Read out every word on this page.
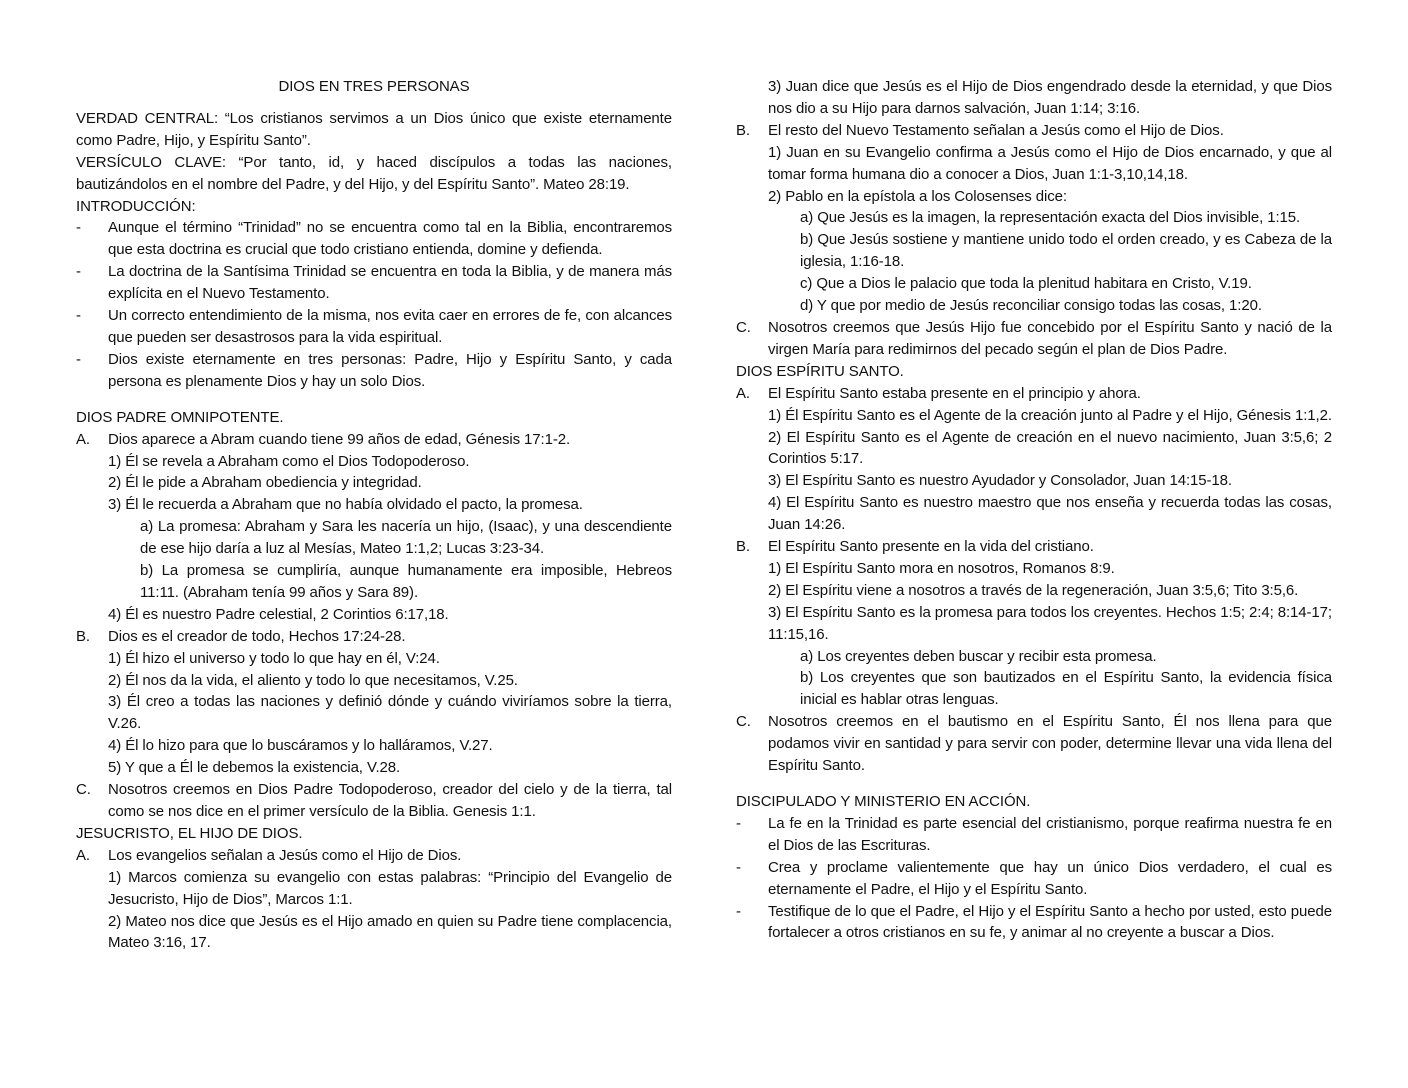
DIOS EN TRES PERSONAS

VERDAD CENTRAL: “Los cristianos servimos a un Dios único que existe eternamente como Padre, Hijo, y Espíritu Santo”.

VERSÍCULO CLAVE: “Por tanto, id, y haced discípulos a todas las naciones, bautizándolos en el nombre del Padre, y del Hijo, y del Espíritu Santo”. Mateo 28:19.

INTRODUCCIÓN:

- Aunque el término “Trinidad” no se encuentra como tal en la Biblia, encontraremos que esta doctrina es crucial que todo cristiano entienda, domine y defienda.

- La doctrina de la Santísima Trinidad se encuentra en toda la Biblia, y de manera más explícita en el Nuevo Testamento.

- Un correcto entendimiento de la misma, nos evita caer en errores de fe, con alcances que pueden ser desastrosos para la vida espiritual.

- Dios existe eternamente en tres personas: Padre, Hijo y Espíritu Santo, y cada persona es plenamente Dios y hay un solo Dios.

DIOS PADRE OMNIPOTENTE.

A. Dios aparece a Abram cuando tiene 99 años de edad, Génesis 17:1-2.

1) Él se revela a Abraham como el Dios Todopoderoso.

2) Él le pide a Abraham obediencia y integridad.

3) Él le recuerda a Abraham que no había olvidado el pacto, la promesa.

a) La promesa: Abraham y Sara les nacería un hijo, (Isaac), y una descendiente de ese hijo daría a luz al Mesías, Mateo 1:1,2; Lucas 3:23-34.

b) La promesa se cumpliría, aunque humanamente era imposible, Hebreos 11:11. (Abraham tenía 99 años y Sara 89).

4) Él es nuestro Padre celestial, 2 Corintios 6:17,18.

B. Dios es el creador de todo, Hechos 17:24-28.

1) Él hizo el universo y todo lo que hay en él, V:24.

2) Él nos da la vida, el aliento y todo lo que necesitamos, V.25.

3) Él creo a todas las naciones y definió dónde y cuándo viviríamos sobre la tierra, V.26.

4) Él lo hizo para que lo buscáramos y lo halláramos, V.27.

5) Y que a Él le debemos la existencia, V.28.

C. Nosotros creemos en Dios Padre Todopoderoso, creador del cielo y de la tierra, tal como se nos dice en el primer versículo de la Biblia. Genesis 1:1.

JESUCRISTO, EL HIJO DE DIOS.

A. Los evangelios señalan a Jesús como el Hijo de Dios.

1) Marcos comienza su evangelio con estas palabras: “Principio del Evangelio de Jesucristo, Hijo de Dios”, Marcos 1:1.

2) Mateo nos dice que Jesús es el Hijo amado en quien su Padre tiene complacencia, Mateo 3:16, 17.

3) Juan dice que Jesús es el Hijo de Dios engendrado desde la eternidad, y que Dios nos dio a su Hijo para darnos salvación, Juan 1:14; 3:16.

B. El resto del Nuevo Testamento señalan a Jesús como el Hijo de Dios.

1) Juan en su Evangelio confirma a Jesús como el Hijo de Dios encarnado, y que al tomar forma humana dio a conocer a Dios, Juan 1:1-3,10,14,18.

2) Pablo en la epístola a los Colosenses dice:

a) Que Jesús es la imagen, la representación exacta del Dios invisible, 1:15.

b) Que Jesús sostiene y mantiene unido todo el orden creado, y es Cabeza de la iglesia, 1:16-18.

c) Que a Dios le palacio que toda la plenitud habitara en Cristo, V.19.

d) Y que por medio de Jesús reconciliar consigo todas las cosas, 1:20.

C. Nosotros creemos que Jesús Hijo fue concebido por el Espíritu Santo y nació de la virgen María para redimirnos del pecado según el plan de Dios Padre.

DIOS ESPÍRITU SANTO.

A. El Espíritu Santo estaba presente en el principio y ahora.

1) Él Espíritu Santo es el Agente de la creación junto al Padre y el Hijo, Génesis 1:1,2.

2) El Espíritu Santo es el Agente de creación en el nuevo nacimiento, Juan 3:5,6; 2 Corintios 5:17.

3) El Espíritu Santo es nuestro Ayudador y Consolador, Juan 14:15-18.

4) El Espíritu Santo es nuestro maestro que nos enseña y recuerda todas las cosas, Juan 14:26.

B. El Espíritu Santo presente en la vida del cristiano.

1) El Espíritu Santo mora en nosotros, Romanos 8:9.

2) El Espíritu viene a nosotros a través de la regeneración, Juan 3:5,6; Tito 3:5,6.

3) El Espíritu Santo es la promesa para todos los creyentes. Hechos 1:5; 2:4; 8:14-17; 11:15,16.

a) Los creyentes deben buscar y recibir esta promesa.

b) Los creyentes que son bautizados en el Espíritu Santo, la evidencia física inicial es hablar otras lenguas.

C. Nosotros creemos en el bautismo en el Espíritu Santo, Él nos llena para que podamos vivir en santidad y para servir con poder, determine llevar una vida llena del Espíritu Santo.

DISCIPULADO Y MINISTERIO EN ACCIÓN.

- La fe en la Trinidad es parte esencial del cristianismo, porque reafirma nuestra fe en el Dios de las Escrituras.

- Crea y proclame valientemente que hay un único Dios verdadero, el cual es eternamente el Padre, el Hijo y el Espíritu Santo.

- Testifique de lo que el Padre, el Hijo y el Espíritu Santo a hecho por usted, esto puede fortalecer a otros cristianos en su fe, y animar al no creyente a buscar a Dios.
